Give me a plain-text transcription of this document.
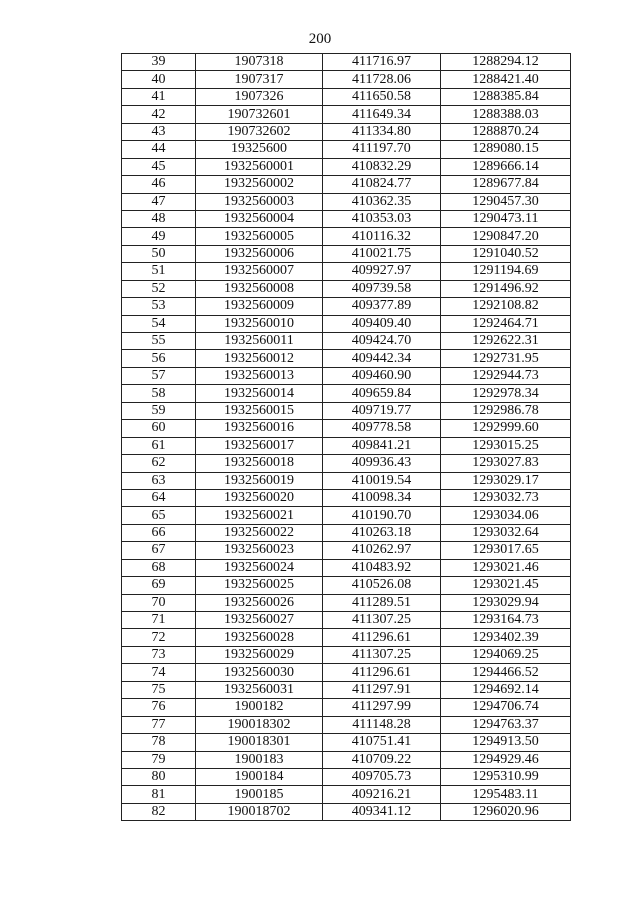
200
39	1907318	411716.97	1288294.12
40	1907317	411728.06	1288421.40
41	1907326	411650.58	1288385.84
42	190732601	411649.34	1288388.03
43	190732602	411334.80	1288870.24
44	19325600	411197.70	1289080.15
45	1932560001	410832.29	1289666.14
46	1932560002	410824.77	1289677.84
47	1932560003	410362.35	1290457.30
48	1932560004	410353.03	1290473.11
49	1932560005	410116.32	1290847.20
50	1932560006	410021.75	1291040.52
51	1932560007	409927.97	1291194.69
52	1932560008	409739.58	1291496.92
53	1932560009	409377.89	1292108.82
54	1932560010	409409.40	1292464.71
55	1932560011	409424.70	1292622.31
56	1932560012	409442.34	1292731.95
57	1932560013	409460.90	1292944.73
58	1932560014	409659.84	1292978.34
59	1932560015	409719.77	1292986.78
60	1932560016	409778.58	1292999.60
61	1932560017	409841.21	1293015.25
62	1932560018	409936.43	1293027.83
63	1932560019	410019.54	1293029.17
64	1932560020	410098.34	1293032.73
65	1932560021	410190.70	1293034.06
66	1932560022	410263.18	1293032.64
67	1932560023	410262.97	1293017.65
68	1932560024	410483.92	1293021.46
69	1932560025	410526.08	1293021.45
70	1932560026	411289.51	1293029.94
71	1932560027	411307.25	1293164.73
72	1932560028	411296.61	1293402.39
73	1932560029	411307.25	1294069.25
74	1932560030	411296.61	1294466.52
75	1932560031	411297.91	1294692.14
76	1900182	411297.99	1294706.74
77	190018302	411148.28	1294763.37
78	190018301	410751.41	1294913.50
79	1900183	410709.22	1294929.46
80	1900184	409705.73	1295310.99
81	1900185	409216.21	1295483.11
82	190018702	409341.12	1296020.96
